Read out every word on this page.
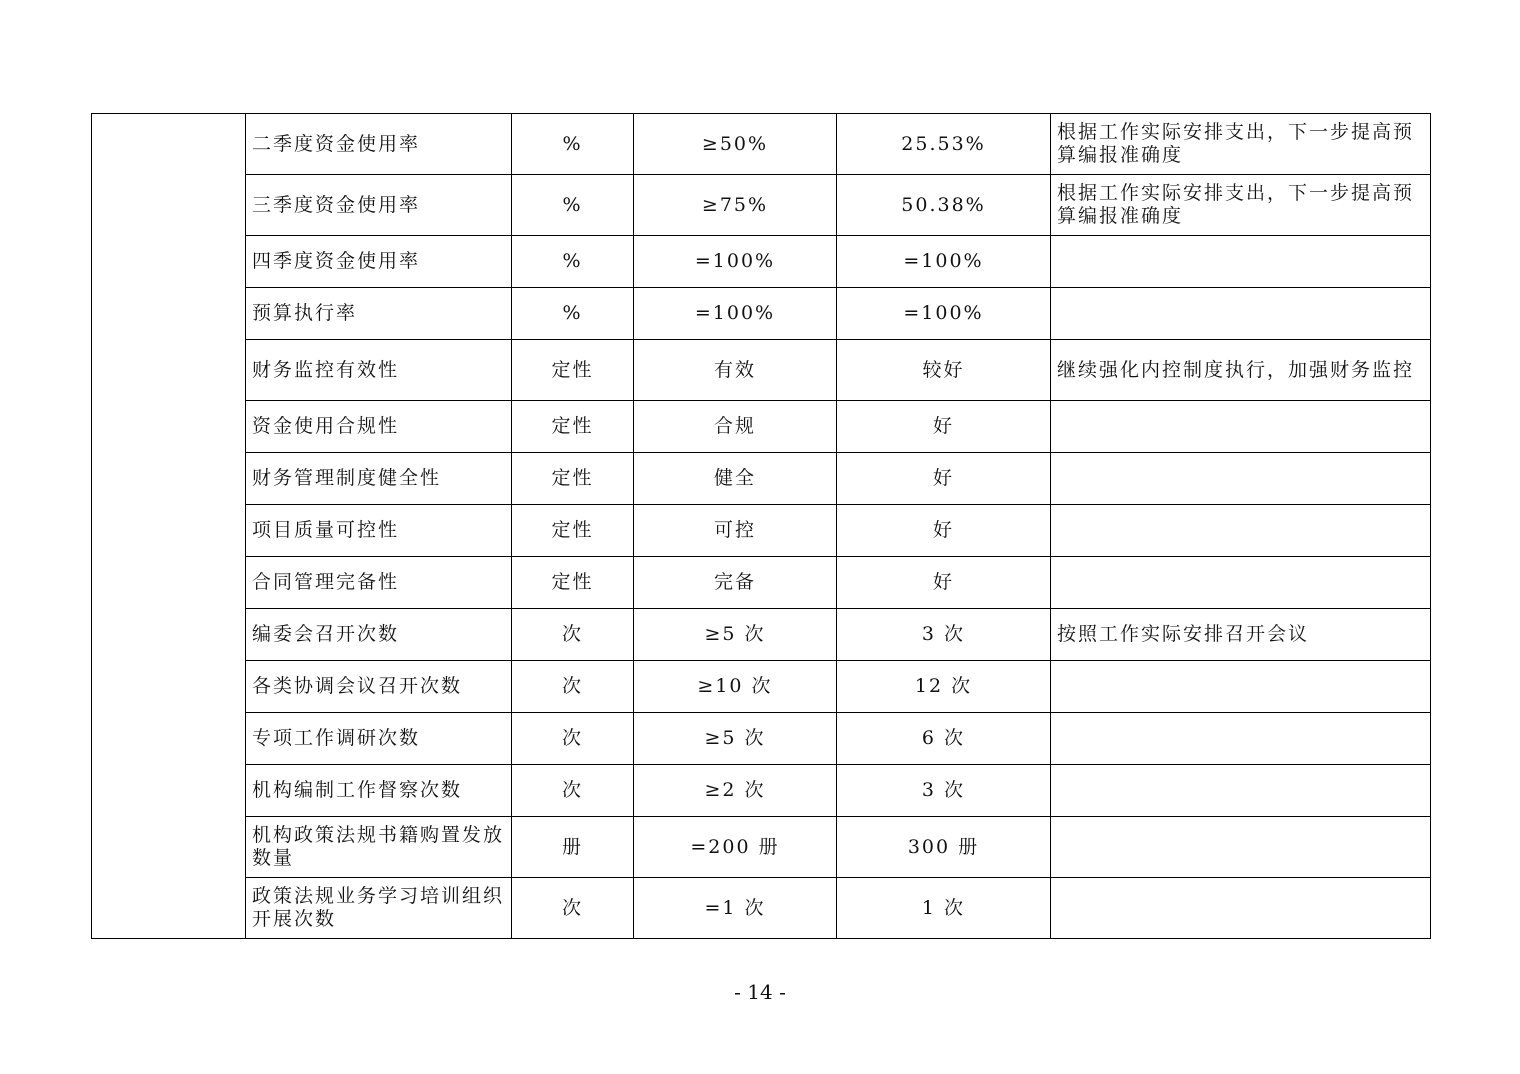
	二季度资金使用率	%	≥50%	25.53%	根据工作实际安排支出，下一步提高预算编报准确度
	三季度资金使用率	%	≥75%	50.38%	根据工作实际安排支出，下一步提高预算编报准确度
	四季度资金使用率	%	=100%	=100%	
	预算执行率	%	=100%	=100%	
	财务监控有效性	定性	有效	较好	继续强化内控制度执行，加强财务监控
	资金使用合规性	定性	合规	好	
	财务管理制度健全性	定性	健全	好	
	项目质量可控性	定性	可控	好	
	合同管理完备性	定性	完备	好	
	编委会召开次数	次	≥5 次	3 次	按照工作实际安排召开会议
	各类协调会议召开次数	次	≥10 次	12 次	
	专项工作调研次数	次	≥5 次	6 次	
	机构编制工作督察次数	次	≥2 次	3 次	
	机构政策法规书籍购置发放数量	册	=200 册	300 册	
	政策法规业务学习培训组织开展次数	次	=1 次	1 次	
- 14 -
